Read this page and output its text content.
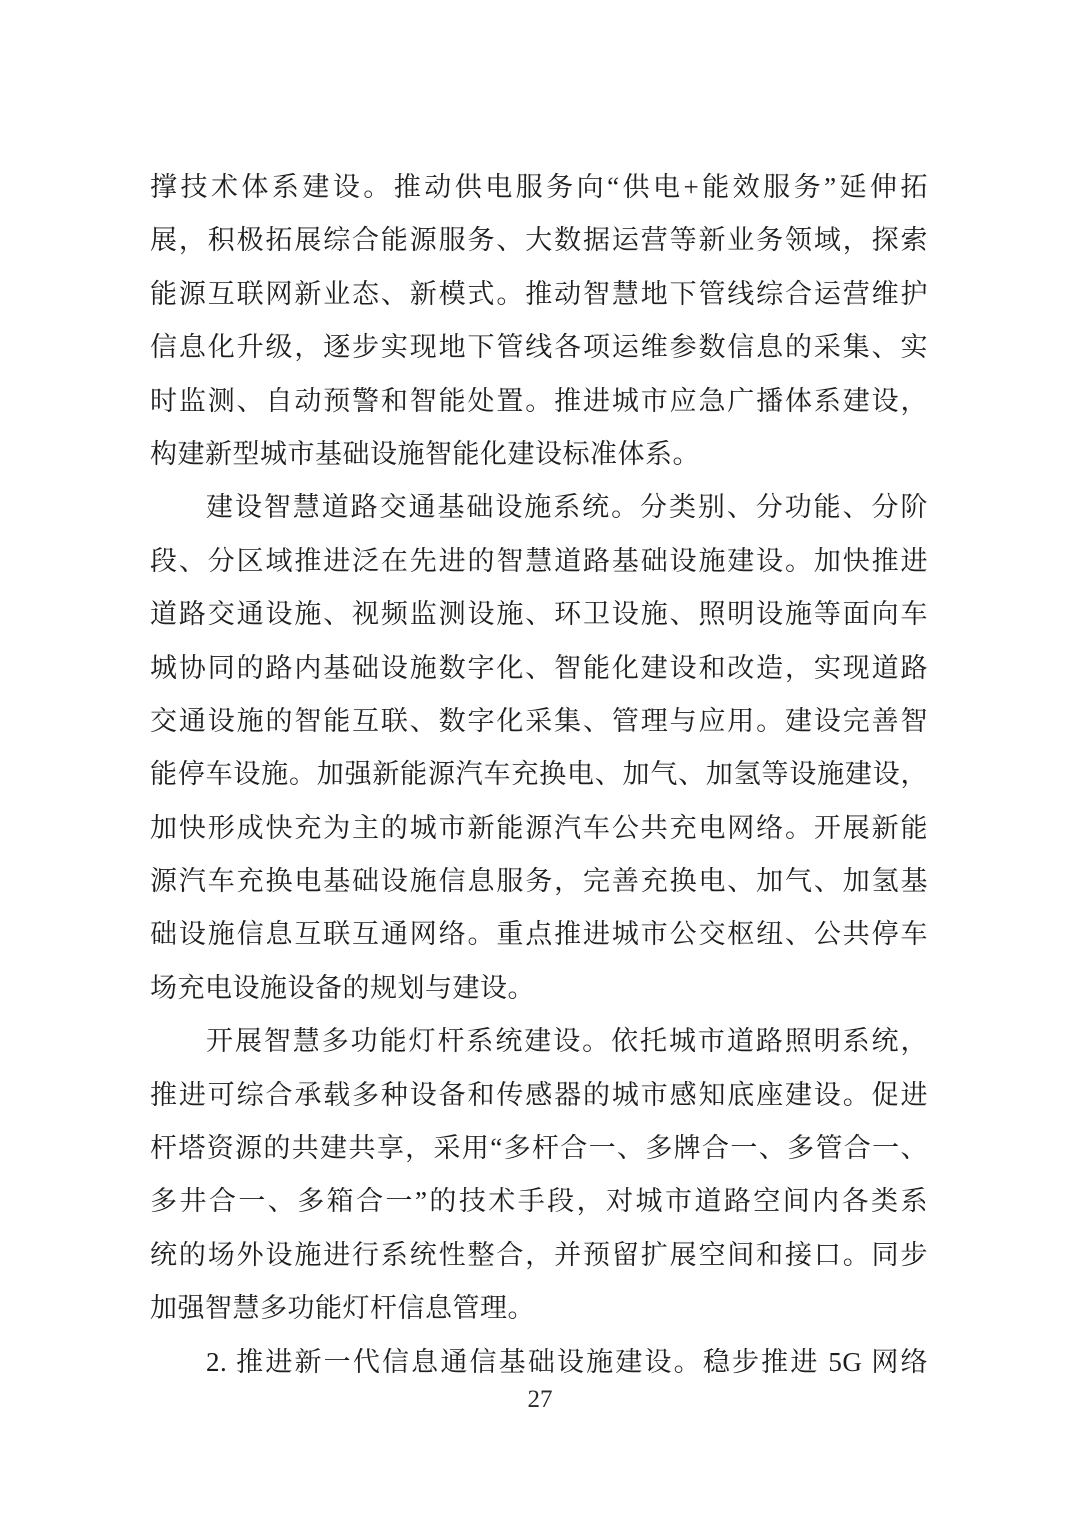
撑技术体系建设。推动供电服务向“供电+能效服务”延伸拓
展，积极拓展综合能源服务、大数据运营等新业务领域，探索
能源互联网新业态、新模式。推动智慧地下管线综合运营维护
信息化升级，逐步实现地下管线各项运维参数信息的采集、实
时监测、自动预警和智能处置。推进城市应急广播体系建设，
构建新型城市基础设施智能化建设标准体系。
建设智慧道路交通基础设施系统。分类别、分功能、分阶
段、分区域推进泛在先进的智慧道路基础设施建设。加快推进
道路交通设施、视频监测设施、环卫设施、照明设施等面向车
城协同的路内基础设施数字化、智能化建设和改造，实现道路
交通设施的智能互联、数字化采集、管理与应用。建设完善智
能停车设施。加强新能源汽车充换电、加气、加氢等设施建设，
加快形成快充为主的城市新能源汽车公共充电网络。开展新能
源汽车充换电基础设施信息服务，完善充换电、加气、加氢基
础设施信息互联互通网络。重点推进城市公交枢纽、公共停车
场充电设施设备的规划与建设。
开展智慧多功能灯杆系统建设。依托城市道路照明系统，
推进可综合承载多种设备和传感器的城市感知底座建设。促进
杆塔资源的共建共享，采用“多杆合一、多牌合一、多管合一、
多井合一、多箱合一”的技术手段，对城市道路空间内各类系
统的场外设施进行系统性整合，并预留扩展空间和接口。同步
加强智慧多功能灯杆信息管理。
2. 推进新一代信息通信基础设施建设。稳步推进 5G 网络
27
